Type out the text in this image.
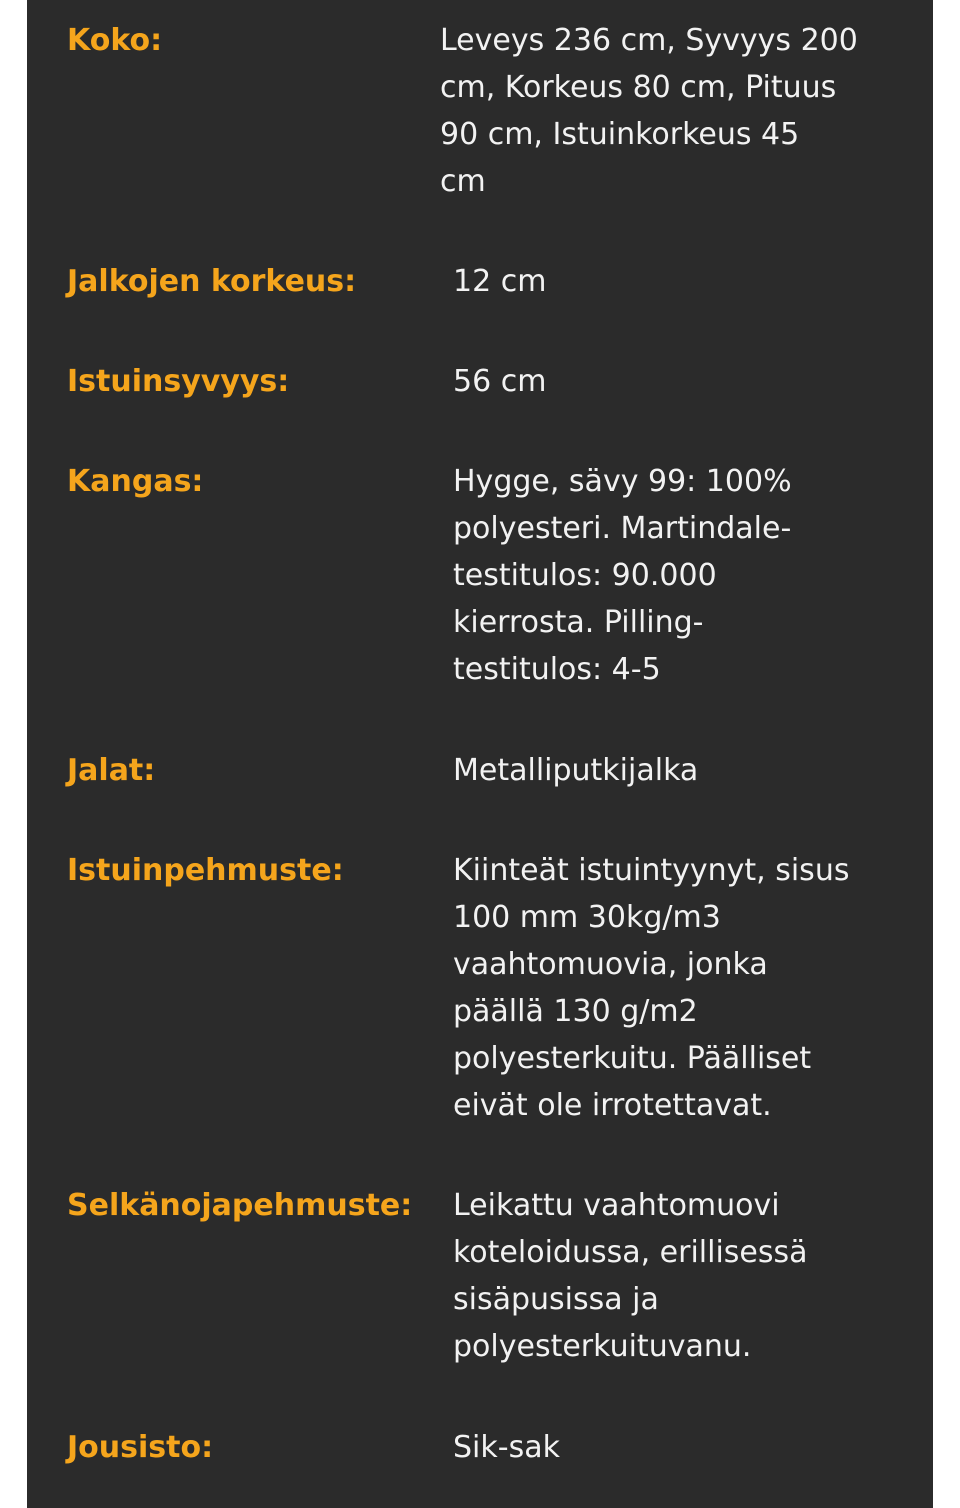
Koko:	Leveys 236 cm, Syvyys 200
cm, Korkeus 80 cm, Pituus
90 cm, Istuinkorkeus 45
cm
Jalkojen korkeus:	12 cm
Istuinsyvyys:	56 cm
Kangas:	Hygge, sävy 99: 100%
polyesteri. Martindale-
testitulos: 90.000
kierrosta. Pilling-
testitulos: 4-5
Jalat:	Metalliputkijalka
Istuinpehmuste:	Kiinteät istuintyynyt, sisus
100 mm 30kg/m3
vaahtomuovia, jonka
päällä 130 g/m2
polyesterkuitu. Päälliset
eivät ole irrotettavat.
Selkänojapehmuste: Leikattu vaahtomuovi
koteloidussa, erillisessä
sisäpusissa ja
polyesterkuituvanu.
Jousisto:	Sik-sak
